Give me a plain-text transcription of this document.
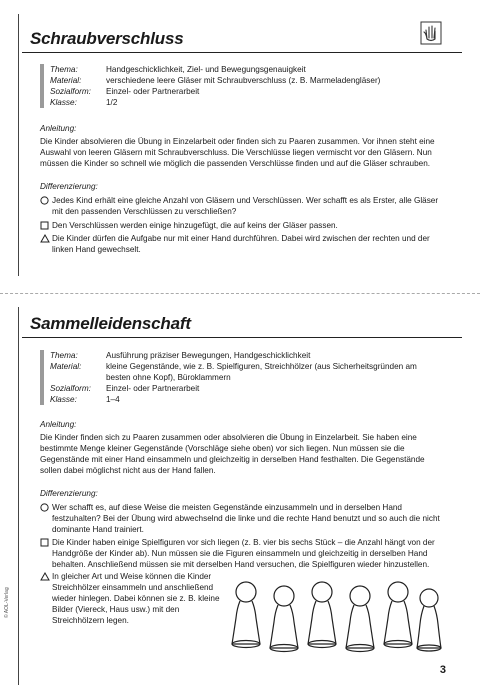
Schraubverschluss
Thema:	Handgeschicklichkeit, Ziel- und Bewegungsgenauigkeit
Material:	verschiedene leere Gläser mit Schraubverschluss (z. B. Marmeladengläser)
Sozialform:	Einzel- oder Partnerarbeit
Klasse:	1/2
Anleitung:
Die Kinder absolvieren die Übung in Einzelarbeit oder finden sich zu Paaren zusammen. Vor ihnen steht eine Auswahl von leeren Gläsern mit Schraubverschluss. Die Verschlüsse liegen vermischt vor den Gläsern. Nun müssen die Kinder so schnell wie möglich die passenden Verschlüsse finden und auf die Gläser schrauben.
Differenzierung:
Jedes Kind erhält eine gleiche Anzahl von Gläsern und Verschlüssen. Wer schafft es als Erster, alle Gläser mit den passenden Verschlüssen zu verschließen?
Den Verschlüssen werden einige hinzugefügt, die auf keins der Gläser passen.
Die Kinder dürfen die Aufgabe nur mit einer Hand durchführen. Dabei wird zwischen der rechten und der linken Hand gewechselt.
Sammelleidenschaft
Thema:	Ausführung präziser Bewegungen, Handgeschicklichkeit
Material:	kleine Gegenstände, wie z. B. Spielfiguren, Streichhölzer (aus Sicherheitsgründen am besten ohne Kopf), Büroklammern
Sozialform:	Einzel- oder Partnerarbeit
Klasse:	1–4
Anleitung:
Die Kinder finden sich zu Paaren zusammen oder absolvieren die Übung in Einzelarbeit. Sie haben eine bestimmte Menge kleiner Gegenstände (Vorschläge siehe oben) vor sich liegen. Nun müssen sie die Gegenstände mit einer Hand einsammeln und gleichzeitig in derselben Hand festhalten. Die Gegenstände sollen dabei möglichst nicht aus der Hand fallen.
Differenzierung:
Wer schafft es, auf diese Weise die meisten Gegenstände einzusammeln und in derselben Hand festzuhalten? Bei der Übung wird abwechselnd die linke und die rechte Hand benutzt und so auch die nicht dominante Hand trainiert.
Die Kinder haben einige Spielfiguren vor sich liegen (z. B. vier bis sechs Stück – die Anzahl hängt von der Handgröße der Kinder ab). Nun müssen sie die Figuren einsammeln und gleichzeitig in derselben Hand behalten. Anschließend müssen sie mit derselben Hand versuchen, die Spielfiguren wieder hinzustellen.
In gleicher Art und Weise können die Kinder Streichhölzer einsammeln und anschließend wieder hinlegen. Dabei können sie z. B. kleine Bilder (Viereck, Haus usw.) mit den Streichhölzern legen.
© AOL-Verlag
3
